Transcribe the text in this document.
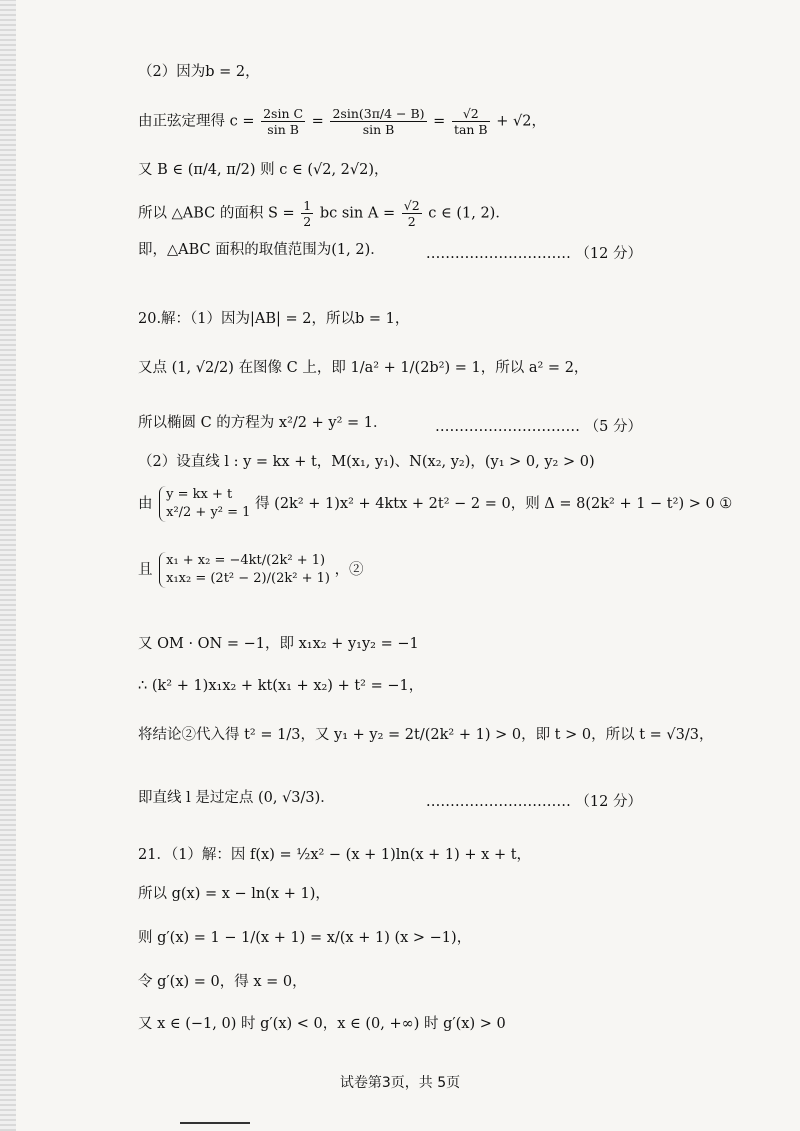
（2）因为b = 2，
由正弦定理得 $c = \frac{\text{2sin C}}{\text{sin B}} = \frac{2\sin(3\pi/4 - B)}{\text{sin B}} = \frac{√2}{\text{tan B}} + √2$，
又 B ∈ (π/4, π/2) 则 c ∈ (√2, 2√2)，
所以 △ABC 的面积 $S = \frac{1}{2}$ bc $\sin A = \frac{√2}{2}$ c ∈ (1, 2)．
即，△ABC 面积的取值范围为(1, 2)．	………………………… （12 分）
20.解：（1）因为|AB| = 2，所以b = 1，
又点 (1, √2/2) 在图像 C 上，即 1/a² + 1/(2b²) = 1，所以 a² = 2，
所以椭圆 C 的方程为 x²/2 + y² = 1．	………………………… （5 分）
（2）设直线 l : y = kx + t，M(x₁, y₁)、N(x₂, y₂)，(y₁ > 0, y₂ > 0)
由
y = kx + t
x²/2 + y² = 1
得 (2k² + 1)x² + 4ktx + 2t² − 2 = 0，则 Δ = 8(2k² + 1 − t²) > 0 ①
且
x₁ + x₂ = −4kt/(2k² + 1)
x₁x₂ = (2t² − 2)/(2k² + 1)
，②
又 OM · ON = −1，即 x₁x₂ + y₁y₂ = −1
∴ (k² + 1)x₁x₂ + kt(x₁ + x₂) + t² = −1，
将结论②代入得 t² = 1/3，又 y₁ + y₂ = 2t/(2k² + 1) > 0，即 t > 0，所以 t = √3/3，
即直线 l 是过定点 (0, √3/3)．	………………………… （12 分）
21．（1）解：因 f(x) = ½x² − (x + 1)ln(x + 1) + x + t，
所以 g(x) = x − ln(x + 1)，
则 g′(x) = 1 − 1/(x + 1) = x/(x + 1) (x > −1)，
令 g′(x) = 0，得 x = 0，
又 x ∈ (−1, 0) 时 g′(x) < 0，x ∈ (0, +∞) 时 g′(x) > 0
试卷第3页，共 5页
